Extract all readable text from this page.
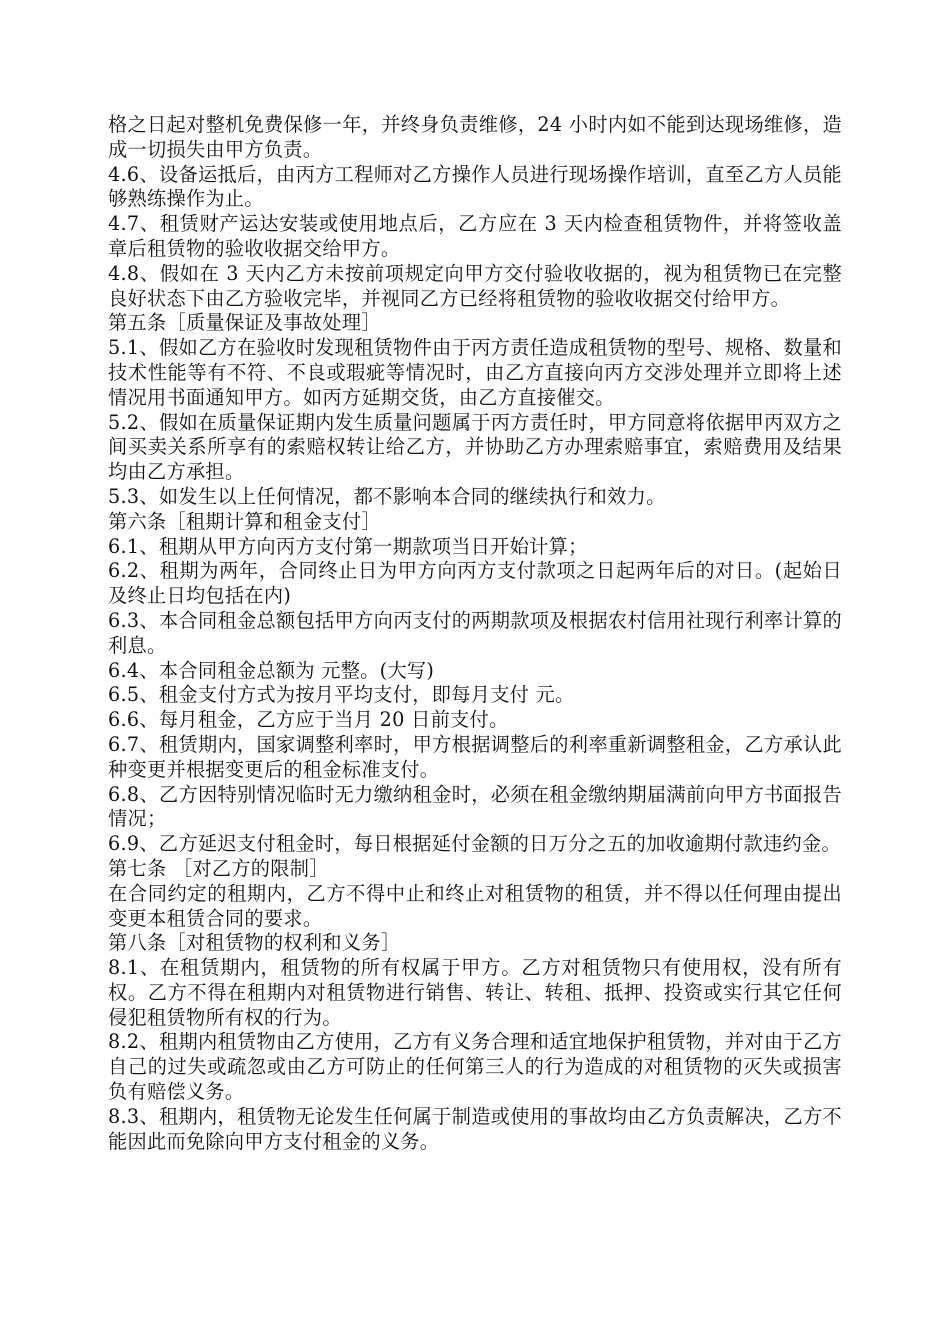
格之日起对整机免费保修一年，并终身负责维修，24 小时内如不能到达现场维修，造成一切损失由甲方负责。

4.6、设备运抵后，由丙方工程师对乙方操作人员进行现场操作培训，直至乙方人员能够熟练操作为止。

4.7、租赁财产运达安装或使用地点后，乙方应在 3 天内检查租赁物件，并将签收盖章后租赁物的验收收据交给甲方。

4.8、假如在 3 天内乙方未按前项规定向甲方交付验收收据的，视为租赁物已在完整良好状态下由乙方验收完毕，并视同乙方已经将租赁物的验收收据交付给甲方。

第五条［质量保证及事故处理］

5.1、假如乙方在验收时发现租赁物件由于丙方责任造成租赁物的型号、规格、数量和技术性能等有不符、不良或瑕疵等情况时，由乙方直接向丙方交涉处理并立即将上述情况用书面通知甲方。如丙方延期交货，由乙方直接催交。

5.2、假如在质量保证期内发生质量问题属于丙方责任时，甲方同意将依据甲丙双方之间买卖关系所享有的索赔权转让给乙方，并协助乙方办理索赔事宜，索赔费用及结果均由乙方承担。

5.3、如发生以上任何情况，都不影响本合同的继续执行和效力。

第六条［租期计算和租金支付］

6.1、租期从甲方向丙方支付第一期款项当日开始计算；

6.2、租期为两年，合同终止日为甲方向丙方支付款项之日起两年后的对日。(起始日及终止日均包括在内)

6.3、本合同租金总额包括甲方向丙支付的两期款项及根据农村信用社现行利率计算的利息。

6.4、本合同租金总额为 元整。(大写)

6.5、租金支付方式为按月平均支付，即每月支付 元。

6.6、每月租金，乙方应于当月 20 日前支付。

6.7、租赁期内，国家调整利率时，甲方根据调整后的利率重新调整租金，乙方承认此种变更并根据变更后的租金标准支付。

6.8、乙方因特别情况临时无力缴纳租金时，必须在租金缴纳期届满前向甲方书面报告情况；

6.9、乙方延迟支付租金时，每日根据延付金额的日万分之五的加收逾期付款违约金。

第七条 ［对乙方的限制］

在合同约定的租期内，乙方不得中止和终止对租赁物的租赁，并不得以任何理由提出变更本租赁合同的要求。

第八条［对租赁物的权利和义务］

8.1、在租赁期内，租赁物的所有权属于甲方。乙方对租赁物只有使用权，没有所有权。乙方不得在租期内对租赁物进行销售、转让、转租、抵押、投资或实行其它任何侵犯租赁物所有权的行为。

8.2、租期内租赁物由乙方使用，乙方有义务合理和适宜地保护租赁物，并对由于乙方自己的过失或疏忽或由乙方可防止的任何第三人的行为造成的对租赁物的灭失或损害负有赔偿义务。

8.3、租期内，租赁物无论发生任何属于制造或使用的事故均由乙方负责解决，乙方不能因此而免除向甲方支付租金的义务。
